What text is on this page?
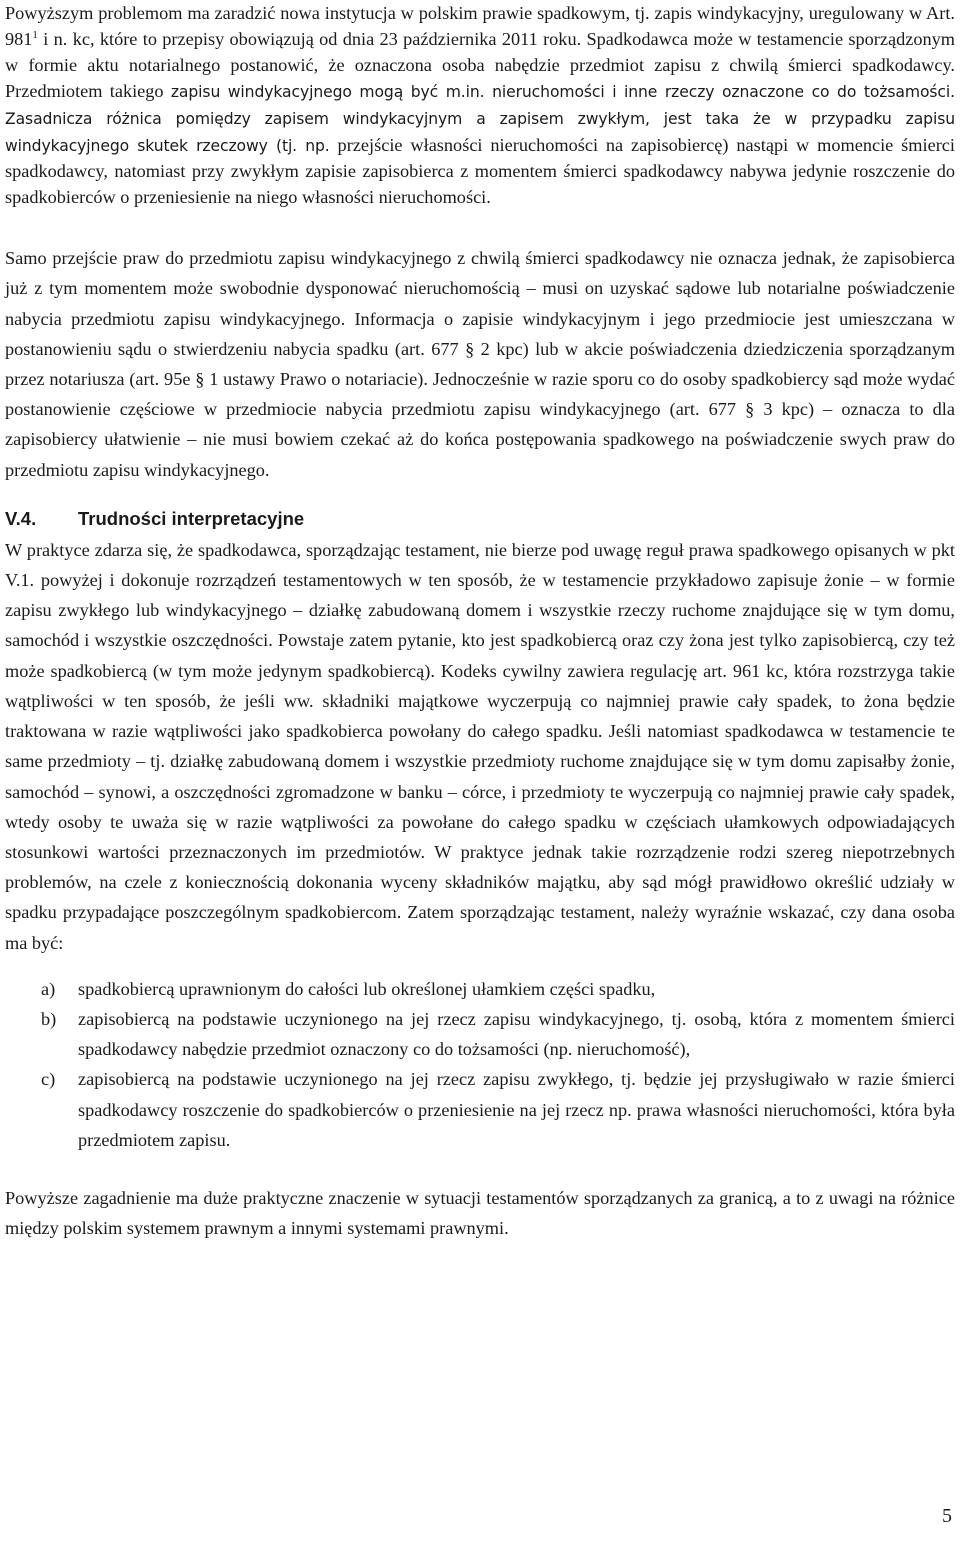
Powyższym problemom ma zaradzić nowa instytucja w polskim prawie spadkowym, tj. zapis windykacyjny, uregulowany w Art. $981^1$ i n. kc, które to przepisy obowiązują od dnia 23 października 2011 roku. Spadkodawca może w testamencie sporządzonym w formie aktu notarialnego postanowić, że oznaczona osoba nabędzie przedmiot zapisu z chwilą śmierci spadkodawcy. Przedmiotem takiego zapisu windykacyjnego mogą być m.in. nieruchomości i inne rzeczy oznaczone co do tożsamości. Zasadnicza różnica pomiędzy zapisem windykacyjnym a zapisem zwykłym, jest taka że w przypadku zapisu windykacyjnego skutek rzeczowy (tj. np. przejście własności nieruchomości na zapisobiercę) nastąpi w momencie śmierci spadkodawcy, natomiast przy zwykłym zapisie zapisobierca z momentem śmierci spadkodawcy nabywa jedynie roszczenie do spadkobierców o przeniesienie na niego własności nieruchomości.

Samo przejście praw do przedmiotu zapisu windykacyjnego z chwilą śmierci spadkodawcy nie oznacza jednak, że zapisobierca już z tym momentem może swobodnie dysponować nieruchomością – musi on uzyskać sądowe lub notarialne poświadczenie nabycia przedmiotu zapisu windykacyjnego. Informacja o zapisie windykacyjnym i jego przedmiocie jest umieszczana w postanowieniu sądu o stwierdzeniu nabycia spadku (art. 677 § 2 kpc) lub w akcie poświadczenia dziedziczenia sporządzanym przez notariusza (art. 95e § 1 ustawy Prawo o notariacie). Jednocześnie w razie sporu co do osoby spadkobiercy sąd może wydać postanowienie częściowe w przedmiocie nabycia przedmiotu zapisu windykacyjnego (art. 677 § 3 kpc) – oznacza to dla zapisobiercy ułatwienie – nie musi bowiem czekać aż do końca postępowania spadkowego na poświadczenie swych praw do przedmiotu zapisu windykacyjnego.

V.4.	Trudności interpretacyjne

W praktyce zdarza się, że spadkodawca, sporządzając testament, nie bierze pod uwagę reguł prawa spadkowego opisanych w pkt V.1. powyżej i dokonuje rozrządzeń testamentowych w ten sposób, że w testamencie przykładowo zapisuje żonie – w formie zapisu zwykłego lub windykacyjnego – działkę zabudowaną domem i wszystkie rzeczy ruchome znajdujące się w tym domu, samochód i wszystkie oszczędności. Powstaje zatem pytanie, kto jest spadkobiercą oraz czy żona jest tylko zapisobiercą, czy też może spadkobiercą (w tym może jedynym spadkobiercą). Kodeks cywilny zawiera regulację art. 961 kc, która rozstrzyga takie wątpliwości w ten sposób, że jeśli ww. składniki majątkowe wyczerpują co najmniej prawie cały spadek, to żona będzie traktowana w razie wątpliwości jako spadkobierca powołany do całego spadku. Jeśli natomiast spadkodawca w testamencie te same przedmioty – tj. działkę zabudowaną domem i wszystkie przedmioty ruchome znajdujące się w tym domu zapisałby żonie, samochód – synowi, a oszczędności zgromadzone w banku – córce, i przedmioty te wyczerpują co najmniej prawie cały spadek, wtedy osoby te uważa się w razie wątpliwości za powołane do całego spadku w częściach ułamkowych odpowiadających stosunkowi wartości przeznaczonych im przedmiotów. W praktyce jednak takie rozrządzenie rodzi szereg niepotrzebnych problemów, na czele z koniecznością dokonania wyceny składników majątku, aby sąd mógł prawidłowo określić udziały w spadku przypadające poszczególnym spadkobiercom. Zatem sporządzając testament, należy wyraźnie wskazać, czy dana osoba ma być:

a) spadkobiercą uprawnionym do całości lub określonej ułamkiem części spadku,
b) zapisobiercą na podstawie uczynionego na jej rzecz zapisu windykacyjnego, tj. osobą, która z momentem śmierci spadkodawcy nabędzie przedmiot oznaczony co do tożsamości (np. nieruchomość),
c) zapisobiercą na podstawie uczynionego na jej rzecz zapisu zwykłego, tj. będzie jej przysługiwało w razie śmierci spadkodawcy roszczenie do spadkobierców o przeniesienie na jej rzecz np. prawa własności nieruchomości, która była przedmiotem zapisu.

Powyższe zagadnienie ma duże praktyczne znaczenie w sytuacji testamentów sporządzanych za granicą, a to z uwagi na różnice między polskim systemem prawnym a innymi systemami prawnymi.

5
